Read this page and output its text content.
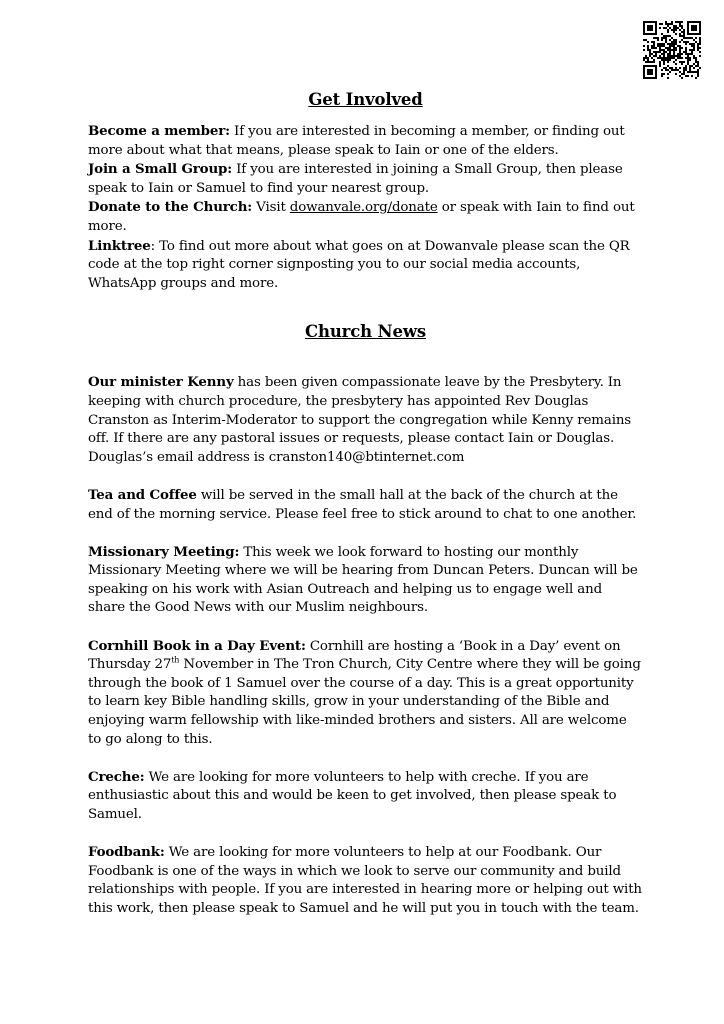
Get Involved

Become a member: If you are interested in becoming a member, or finding out more about what that means, please speak to Iain or one of the elders.

Join a Small Group: If you are interested in joining a Small Group, then please speak to Iain or Samuel to find your nearest group.

Donate to the Church: Visit dowanvale.org/donate or speak with Iain to find out more.

Linktree: To find out more about what goes on at Dowanvale please scan the QR code at the top right corner signposting you to our social media accounts, WhatsApp groups and more.

Church News

Our minister Kenny has been given compassionate leave by the Presbytery. In keeping with church procedure, the presbytery has appointed Rev Douglas Cranston as Interim-Moderator to support the congregation while Kenny remains off. If there are any pastoral issues or requests, please contact Iain or Douglas. Douglas’s email address is cranston140@btinternet.com

Tea and Coffee will be served in the small hall at the back of the church at the end of the morning service. Please feel free to stick around to chat to one another.

Missionary Meeting: This week we look forward to hosting our monthly Missionary Meeting where we will be hearing from Duncan Peters. Duncan will be speaking on his work with Asian Outreach and helping us to engage well and share the Good News with our Muslim neighbours.

Cornhill Book in a Day Event: Cornhill are hosting a ‘Book in a Day’ event on Thursday 27th November in The Tron Church, City Centre where they will be going through the book of 1 Samuel over the course of a day. This is a great opportunity to learn key Bible handling skills, grow in your understanding of the Bible and enjoying warm fellowship with like-minded brothers and sisters. All are welcome to go along to this.

Creche: We are looking for more volunteers to help with creche. If you are enthusiastic about this and would be keen to get involved, then please speak to Samuel.

Foodbank: We are looking for more volunteers to help at our Foodbank. Our Foodbank is one of the ways in which we look to serve our community and build relationships with people. If you are interested in hearing more or helping out with this work, then please speak to Samuel and he will put you in touch with the team.
